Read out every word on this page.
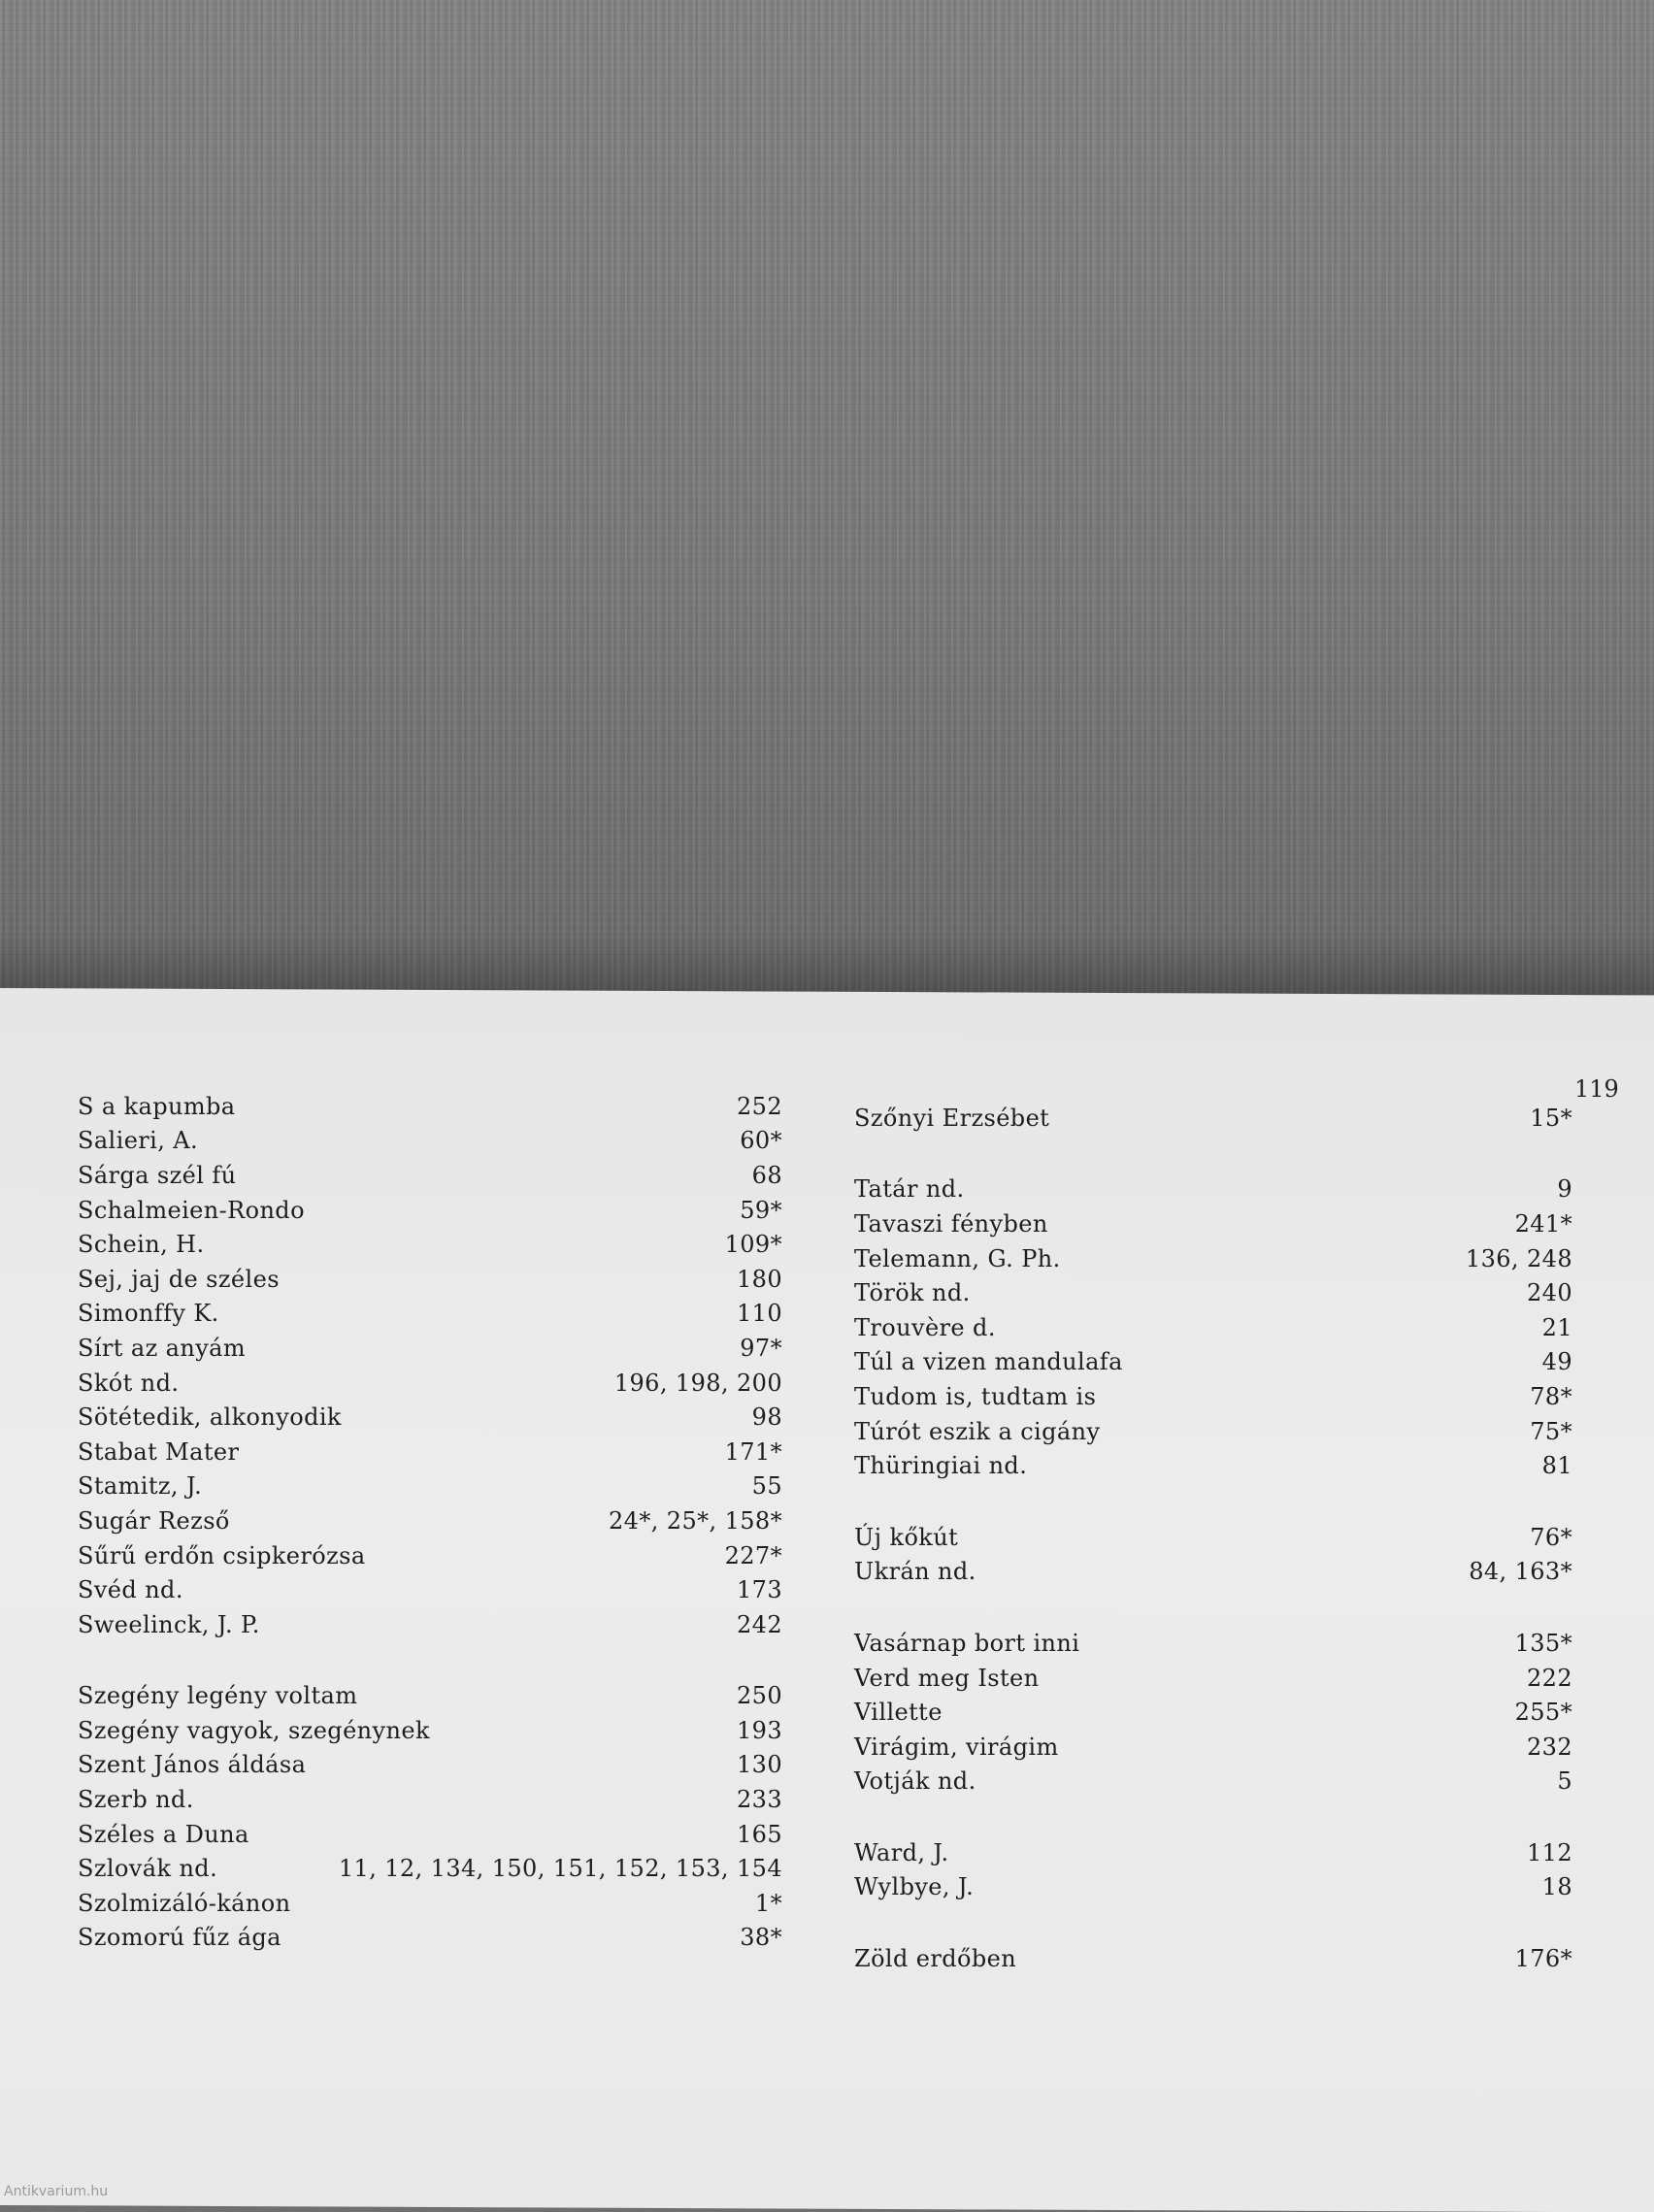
119
S a kapumba	252
Salieri, A.	60*
Sárga szél fú	68
Schalmeien-Rondo	59*
Schein, H.	109*
Sej, jaj de széles	180
Simonffy K.	110
Sírt az anyám	97*
Skót nd.	196, 198, 200
Sötétedik, alkonyodik	98
Stabat Mater	171*
Stamitz, J.	55
Sugár Rezső	24*, 25*, 158*
Sűrű erdőn csipkerózsa	227*
Svéd nd.	173
Sweelinck, J. P.	242
Szegény legény voltam	250
Szegény vagyok, szegénynek	193
Szent János áldása	130
Szerb nd.	233
Széles a Duna	165
Szlovák nd.	11, 12, 134, 150, 151, 152, 153, 154
Szolmizáló-kánon	1*
Szomorú fűz ága	38*
Szőnyi Erzsébet	15*
Tatár nd.	9
Tavaszi fényben	241*
Telemann, G. Ph.	136, 248
Török nd.	240
Trouvère d.	21
Túl a vizen mandulafa	49
Tudom is, tudtam is	78*
Túrót eszik a cigány	75*
Thüringiai nd.	81
Új kőkút	76*
Ukrán nd.	84, 163*
Vasárnap bort inni	135*
Verd meg Isten	222
Villette	255*
Virágim, virágim	232
Votják nd.	5
Ward, J.	112
Wylbye, J.	18
Zöld erdőben	176*
Antikvarium.hu
